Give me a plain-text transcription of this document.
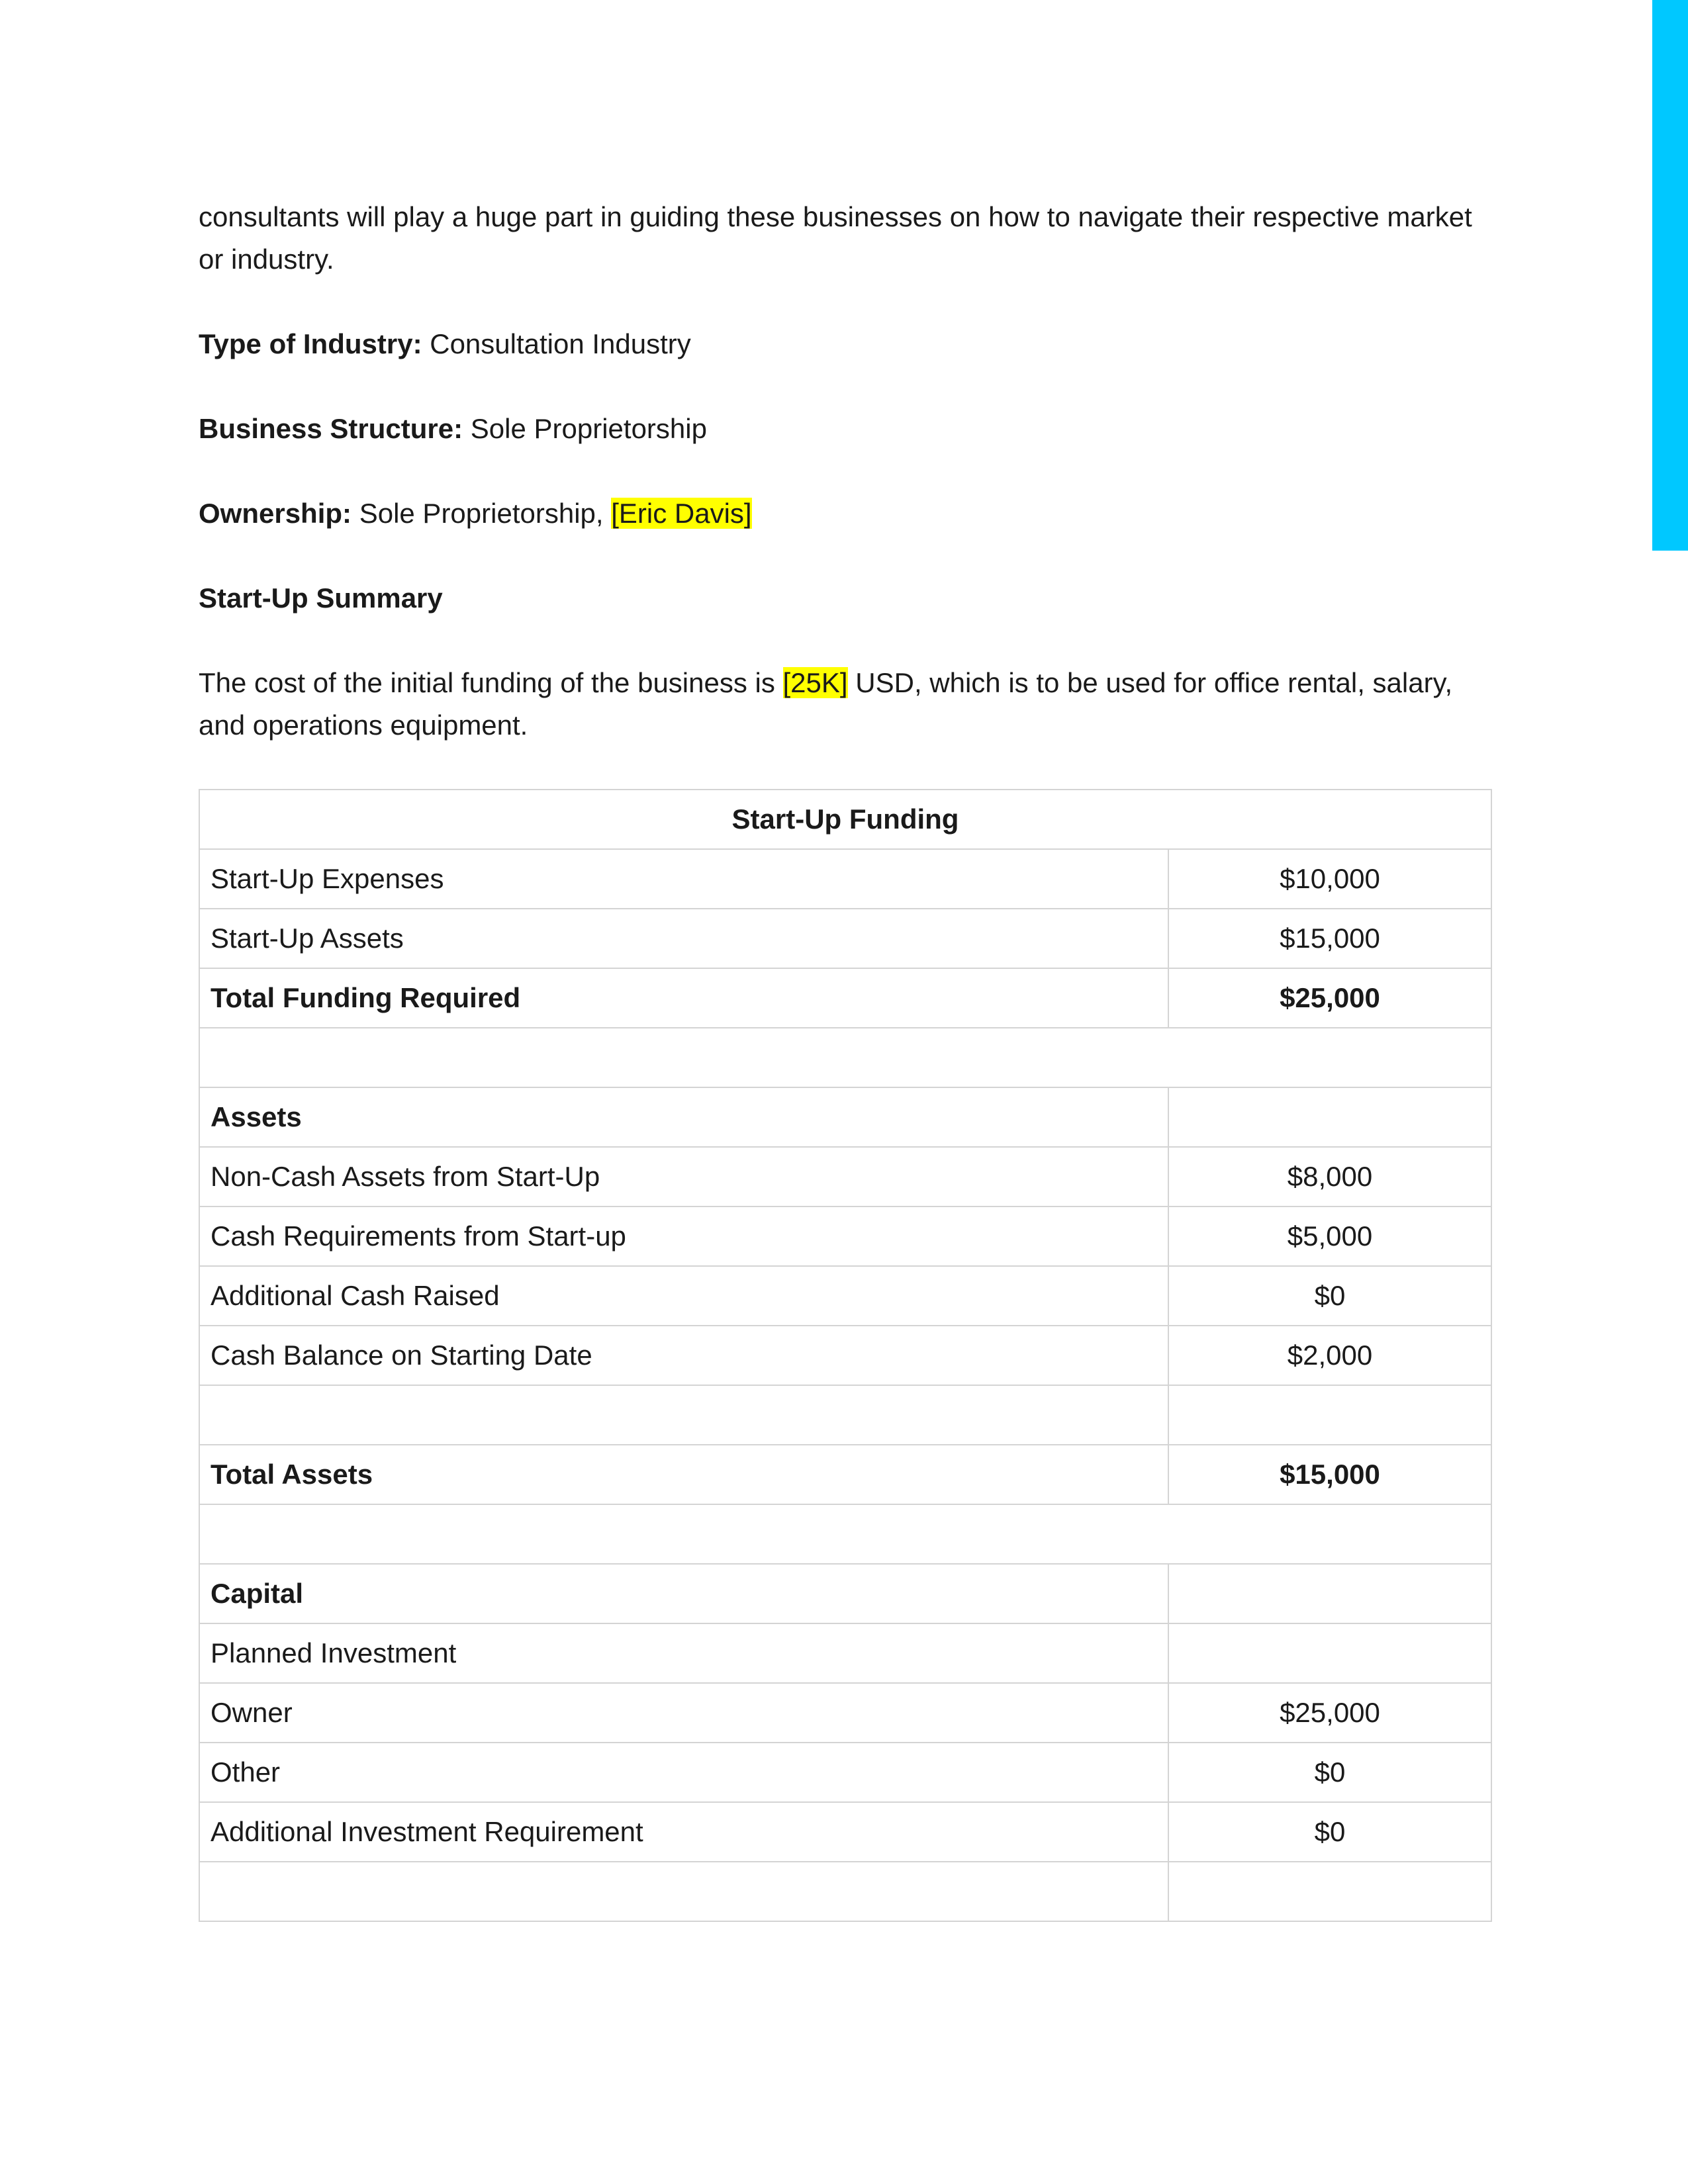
consultants will play a huge part in guiding these businesses on how to navigate their respective market or industry.

Type of Industry: Consultation Industry

Business Structure: Sole Proprietorship

Ownership: Sole Proprietorship, [Eric Davis]

Start-Up Summary

The cost of the initial funding of the business is [25K] USD, which is to be used for office rental, salary, and operations equipment.

Start-Up Funding	
Start-Up Expenses	$10,000
Start-Up Assets	$15,000
Total Funding Required	$25,000

Assets	
Non-Cash Assets from Start-Up	$8,000
Cash Requirements from Start-up	$5,000
Additional Cash Raised	$0
Cash Balance on Starting Date	$2,000

Total Assets	$15,000

Capital	
Planned Investment	
Owner	$25,000
Other	$0
Additional Investment Requirement	$0
